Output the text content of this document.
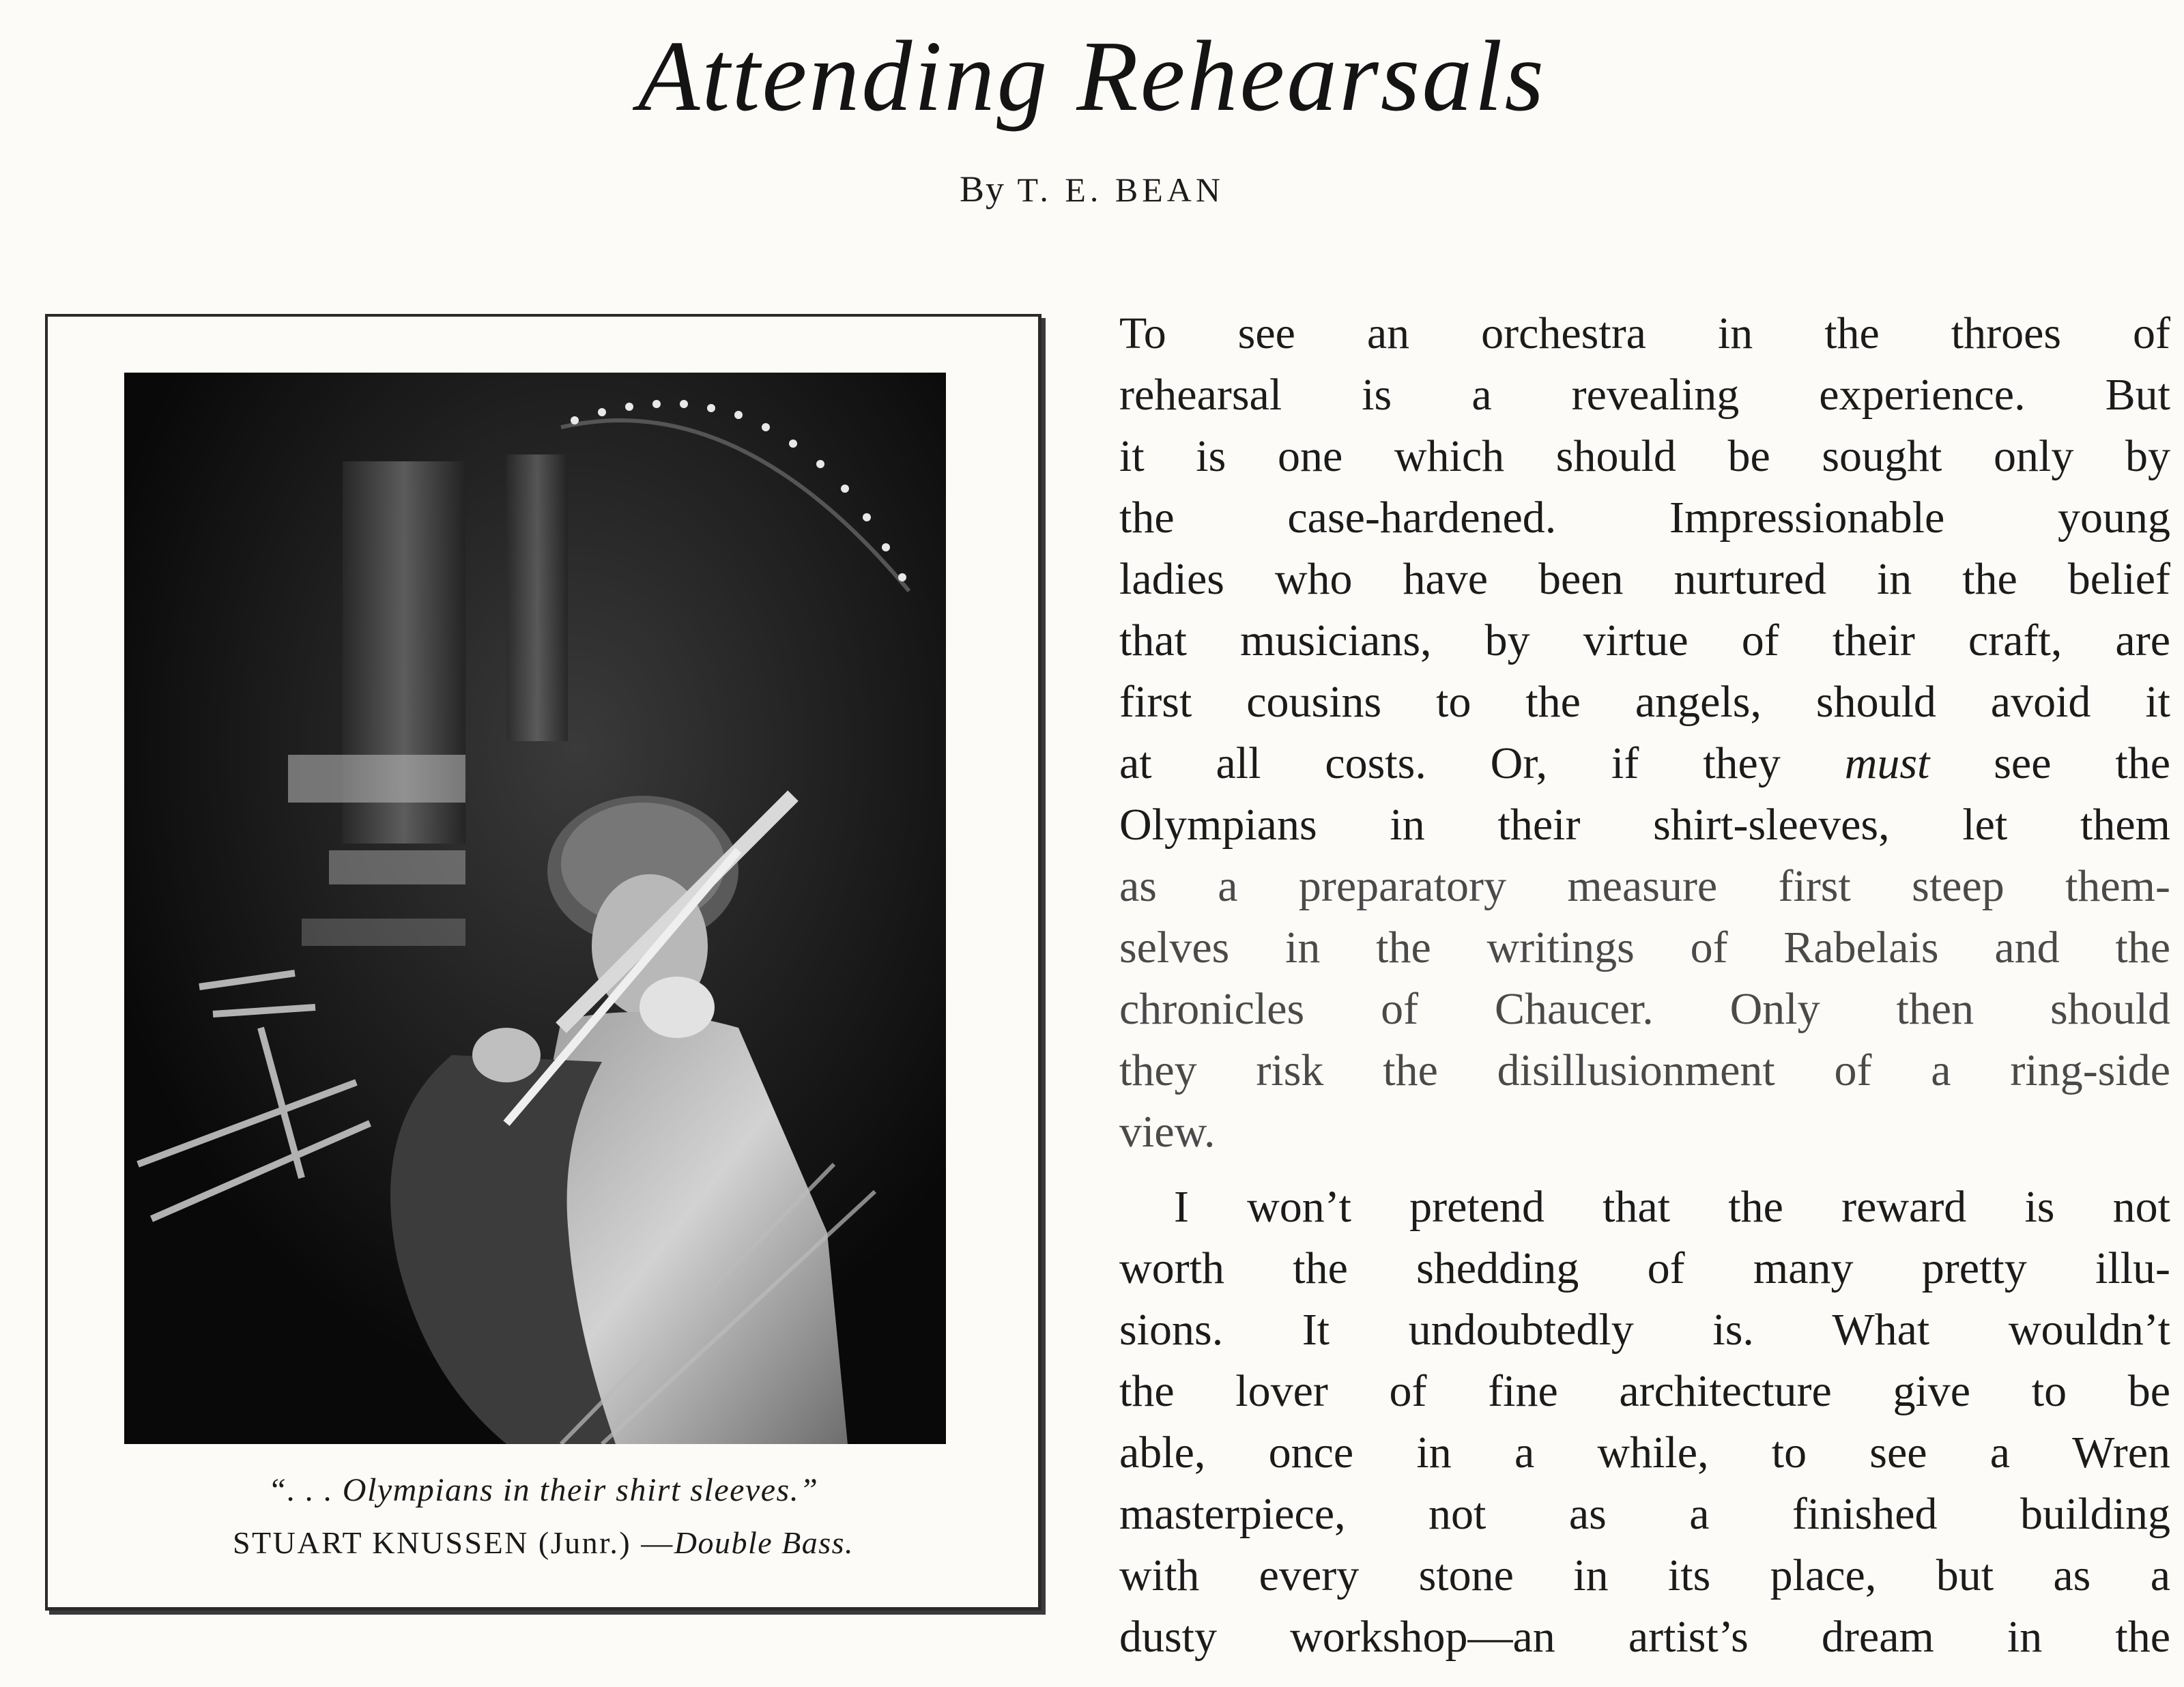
Attending Rehearsals
By T. E. BEAN
“. . . Olympians in their shirt sleeves.”
STUART KNUSSEN (Junr.) —Double Bass.
To see an orchestra in the throes of
rehearsal is a revealing experience. But
it is one which should be sought only by
the case-hardened. Impressionable young
ladies who have been nurtured in the belief
that musicians, by virtue of their craft, are
first cousins to the angels, should avoid it
at all costs. Or, if they must see the
Olympians in their shirt-sleeves, let them
as a preparatory measure first steep them-
selves in the writings of Rabelais and the
chronicles of Chaucer. Only then should
they risk the disillusionment of a ring-side
view.
I won’t pretend that the reward is not
worth the shedding of many pretty illu-
sions. It undoubtedly is. What wouldn’t
the lover of fine architecture give to be
able, once in a while, to see a Wren
masterpiece, not as a finished building
with every stone in its place, but as a
dusty workshop—an artist’s dream in the
